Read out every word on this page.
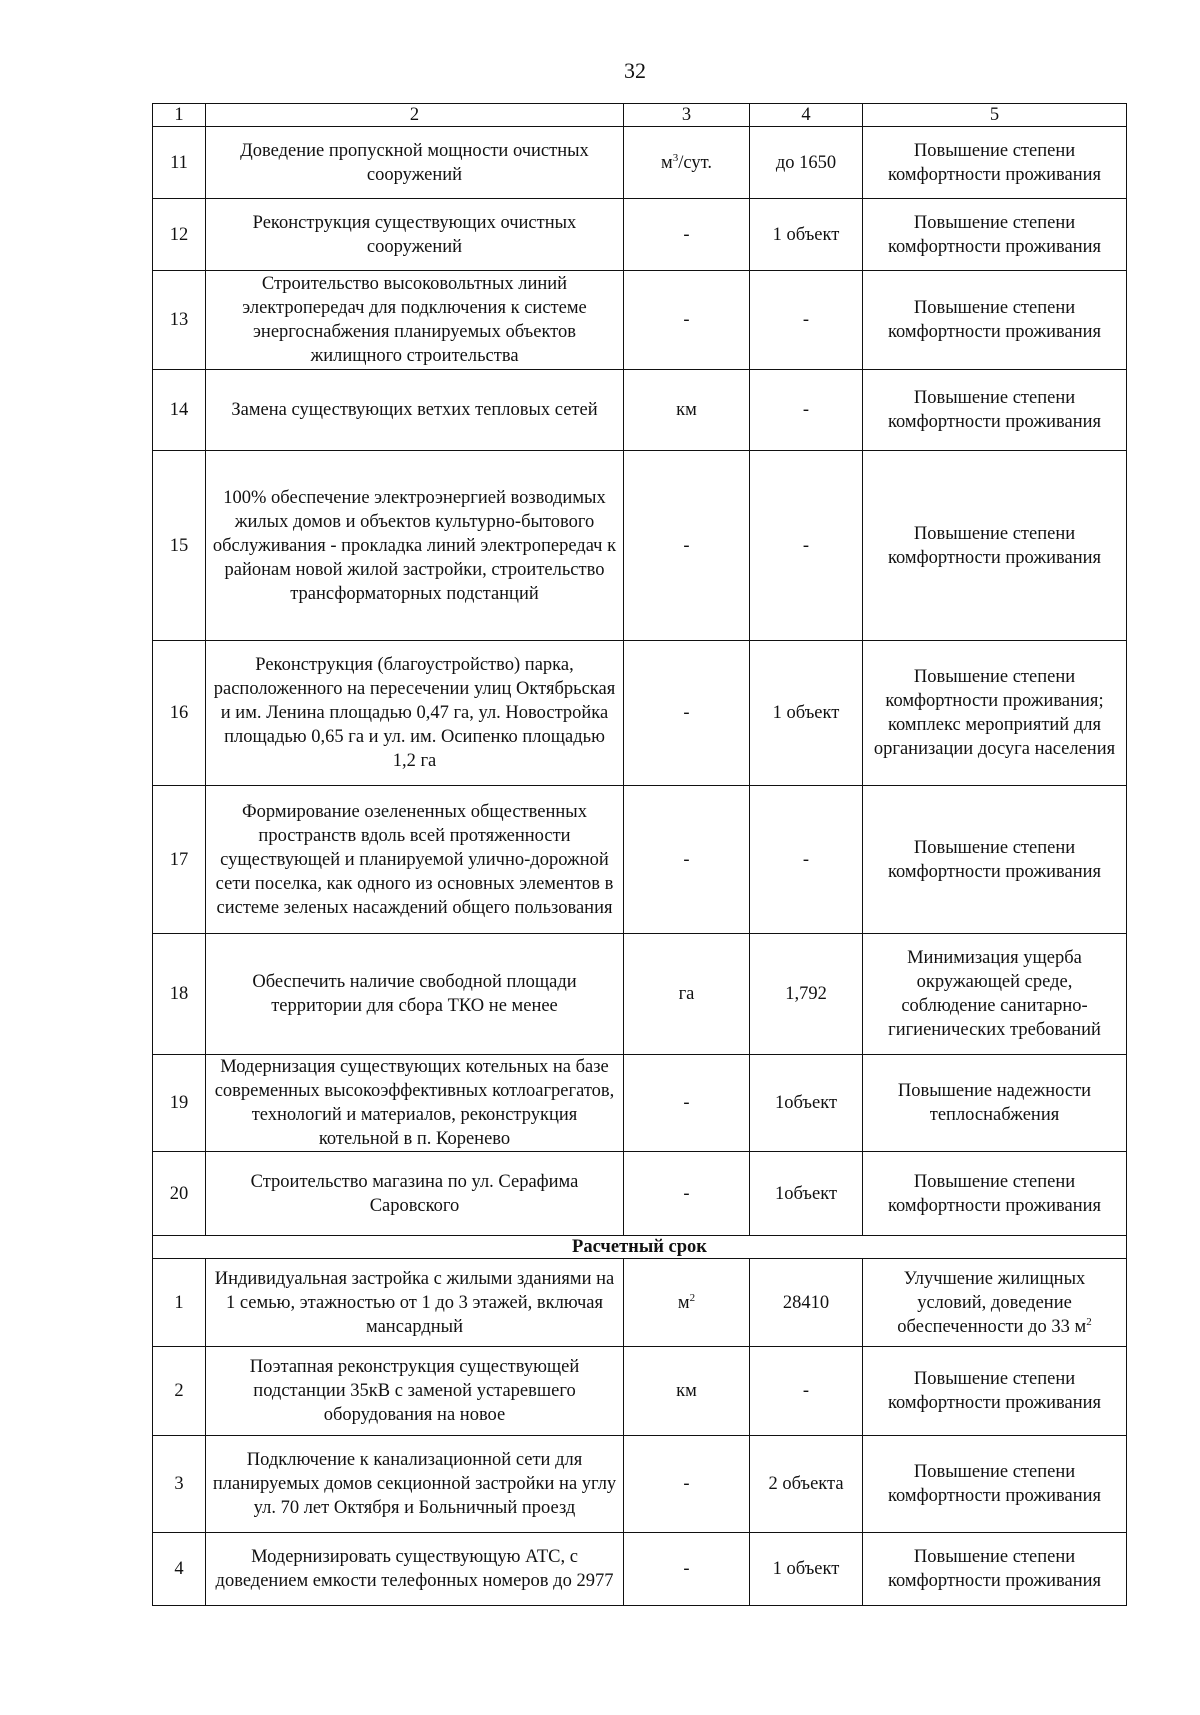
32
1	2	3	4	5
11	Доведение пропускной мощности очистных сооружений	$м^3$/сут.	до 1650	Повышение степени комфортности проживания
12	Реконструкция существующих очистных сооружений	-	1 объект	Повышение степени комфортности проживания
13	Строительство высоковольтных линий электропередач для подключения к системе энергоснабжения планируемых объектов жилищного строительства	-	-	Повышение степени комфортности проживания
14	Замена существующих ветхих тепловых сетей	км	-	Повышение степени комфортности проживания
15	100% обеспечение электроэнергией возводимых жилых домов и объектов культурно-бытового обслуживания - прокладка линий электропередач к районам новой жилой застройки, строительство трансформаторных подстанций	-	-	Повышение степени комфортности проживания
16	Реконструкция (благоустройство) парка, расположенного на пересечении улиц Октябрьская и им. Ленина площадью 0,47 га, ул. Новостройка площадью 0,65 га и ул. им. Осипенко площадью 1,2 га	-	1 объект	Повышение степени комфортности проживания; комплекс мероприятий для организации досуга населения
17	Формирование озелененных общественных пространств вдоль всей протяженности существующей и планируемой улично-дорожной сети поселка, как одного из основных элементов в системе зеленых насаждений общего пользования	-	-	Повышение степени комфортности проживания
18	Обеспечить наличие свободной площади территории для сбора ТКО не менее	га	1,792	Минимизация ущерба окружающей среде, соблюдение санитарно-гигиенических требований
19	Модернизация существующих котельных на базе современных высокоэффективных котлоагрегатов, технологий и материалов, реконструкция котельной в п. Коренево	-	1объект	Повышение надежности теплоснабжения
20	Строительство магазина по ул. Серафима Саровского	-	1объект	Повышение степени комфортности проживания
Расчетный срок				
1	Индивидуальная застройка с жилыми зданиями на 1 семью, этажностью от 1 до 3 этажей, включая мансардный	$м^2$	28410	Улучшение жилищных условий, доведение обеспеченности до 33 $м^2$
2	Поэтапная реконструкция существующей подстанции 35кВ с заменой устаревшего оборудования на новое	км	-	Повышение степени комфортности проживания
3	Подключение к канализационной сети для планируемых домов секционной застройки на углу ул. 70 лет Октября и Больничный проезд	-	2 объекта	Повышение степени комфортности проживания
4	Модернизировать существующую АТС, с доведением емкости телефонных номеров до 2977	-	1 объект	Повышение степени комфортности проживания
